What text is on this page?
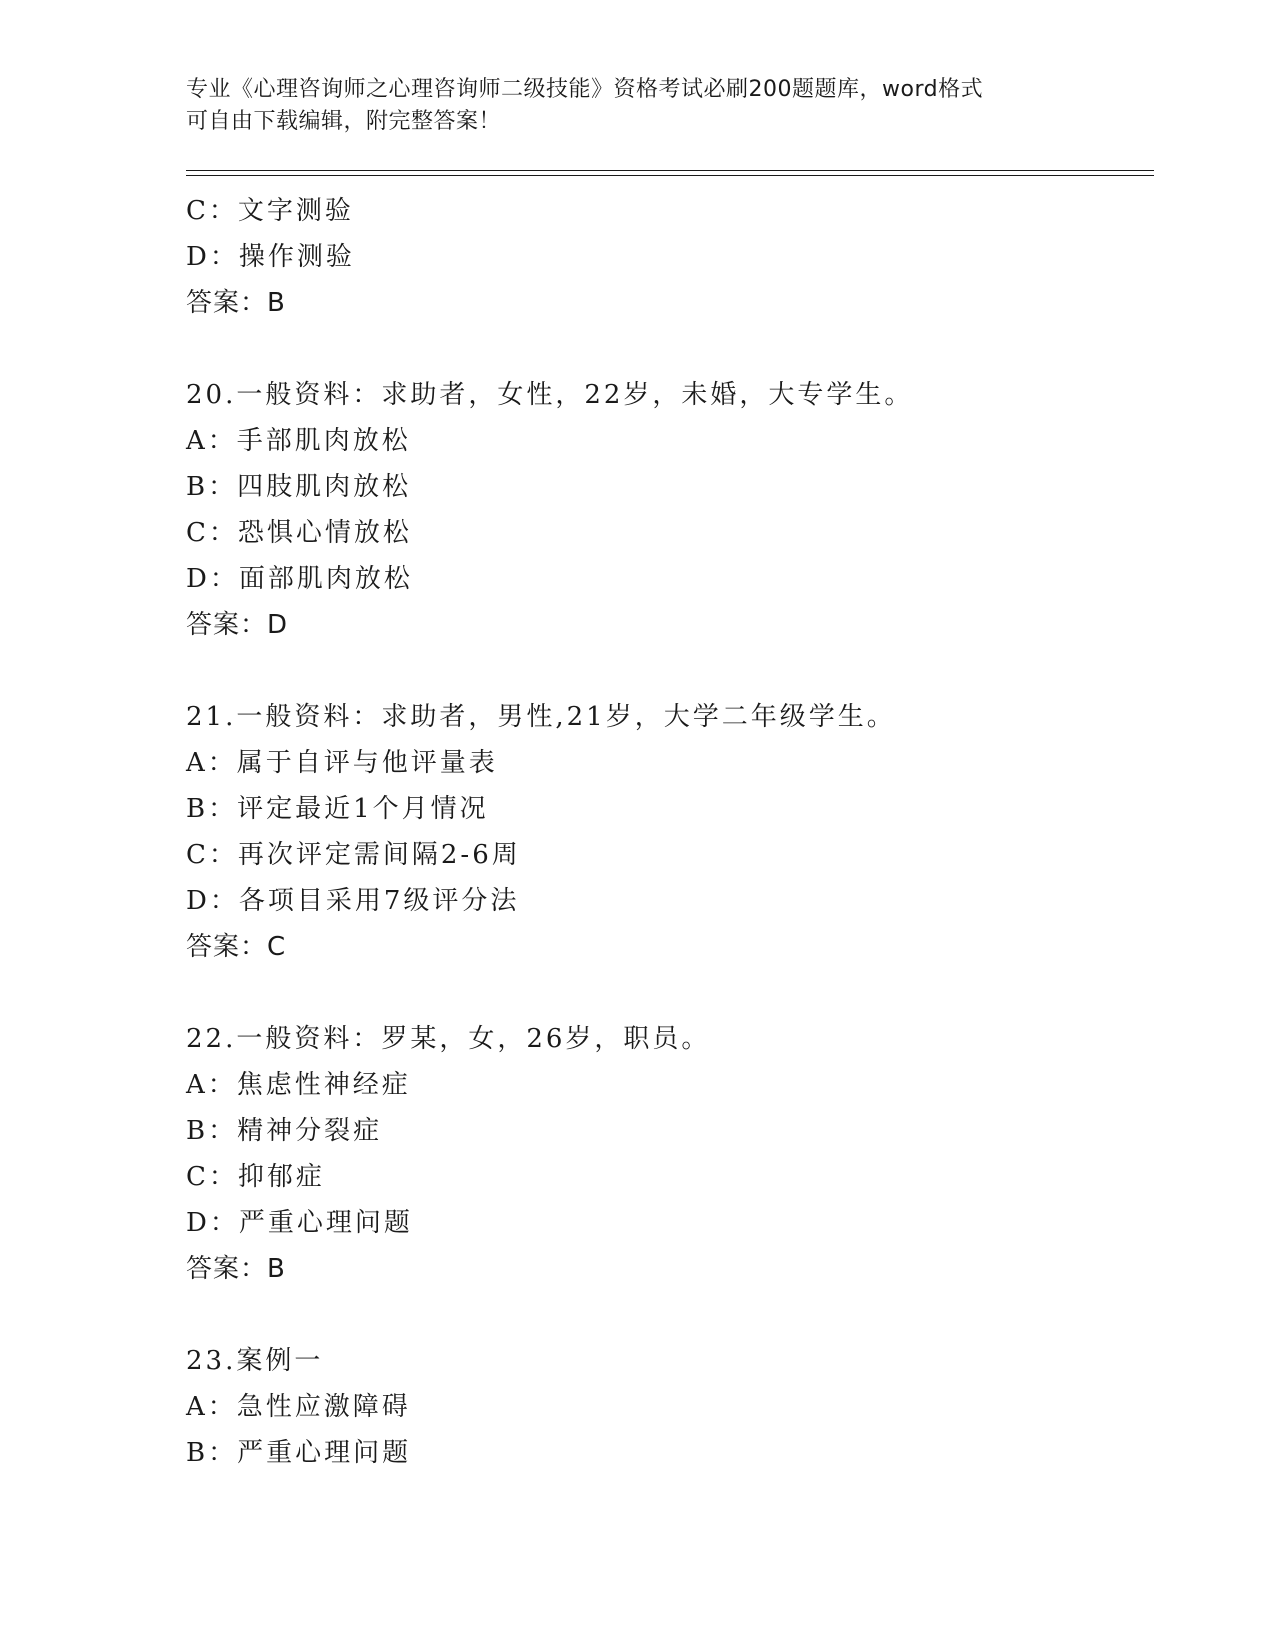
专业《心理咨询师之心理咨询师二级技能》资格考试必刷200题题库，word格式
可自由下载编辑，附完整答案！
C：文字测验
D：操作测验
答案：B
20.一般资料：求助者，女性，22岁，未婚，大专学生。
A：手部肌肉放松
B：四肢肌肉放松
C：恐惧心情放松
D：面部肌肉放松
答案：D
21.一般资料：求助者，男性,21岁，大学二年级学生。
A：属于自评与他评量表
B：评定最近1个月情况
C：再次评定需间隔2-6周
D：各项目采用7级评分法
答案：C
22.一般资料：罗某，女，26岁，职员。
A：焦虑性神经症
B：精神分裂症
C：抑郁症
D：严重心理问题
答案：B
23.案例一
A：急性应激障碍
B：严重心理问题
